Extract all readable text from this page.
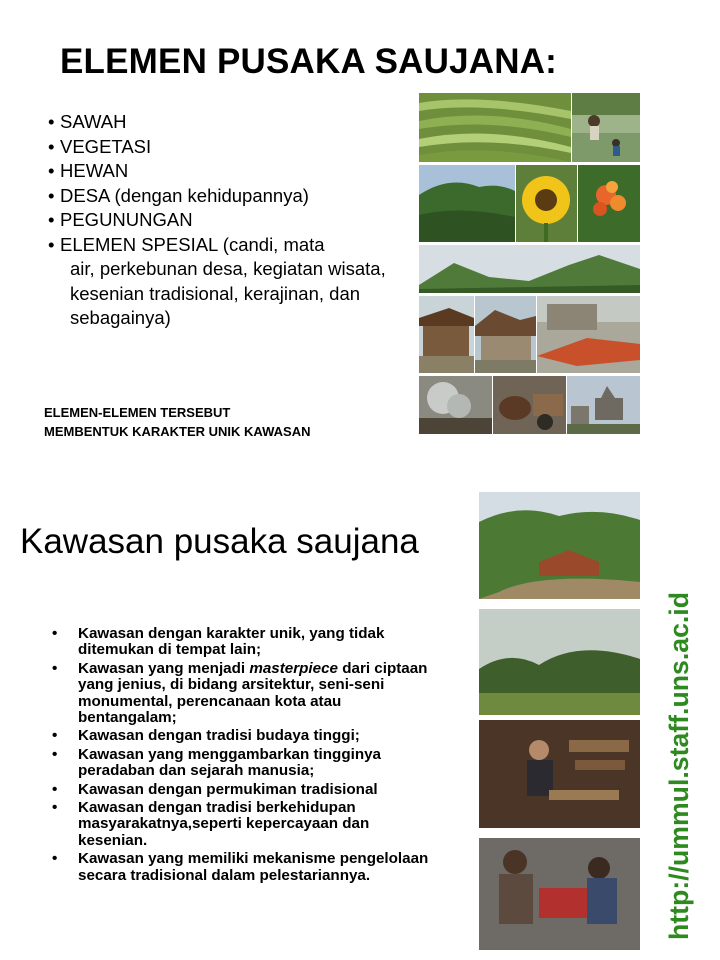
ELEMEN PUSAKA SAUJANA:
• SAWAH
• VEGETASI
• HEWAN
• DESA (dengan kehidupannya)
• PEGUNUNGAN
• ELEMEN SPESIAL (candi, mata
air, perkebunan desa, kegiatan wisata, kesenian tradisional, kerajinan, dan sebagainya)
ELEMEN-ELEMEN TERSEBUT
MEMBENTUK KARAKTER UNIK KAWASAN
Kawasan pusaka saujana
• Kawasan dengan karakter unik, yang tidak ditemukan di tempat lain;
• Kawasan yang menjadi masterpiece dari ciptaan yang jenius, di bidang arsitektur, seni-seni monumental, perencanaan kota atau bentangalam;
• Kawasan dengan tradisi budaya tinggi;
• Kawasan yang menggambarkan tingginya peradaban dan sejarah manusia;
• Kawasan dengan permukiman tradisional
• Kawasan dengan tradisi berkehidupan masyarakatnya,seperti kepercayaan dan kesenian.
• Kawasan yang memiliki mekanisme pengelolaan secara tradisional dalam pelestariannya.	http://ummul.staff.uns.ac.id
